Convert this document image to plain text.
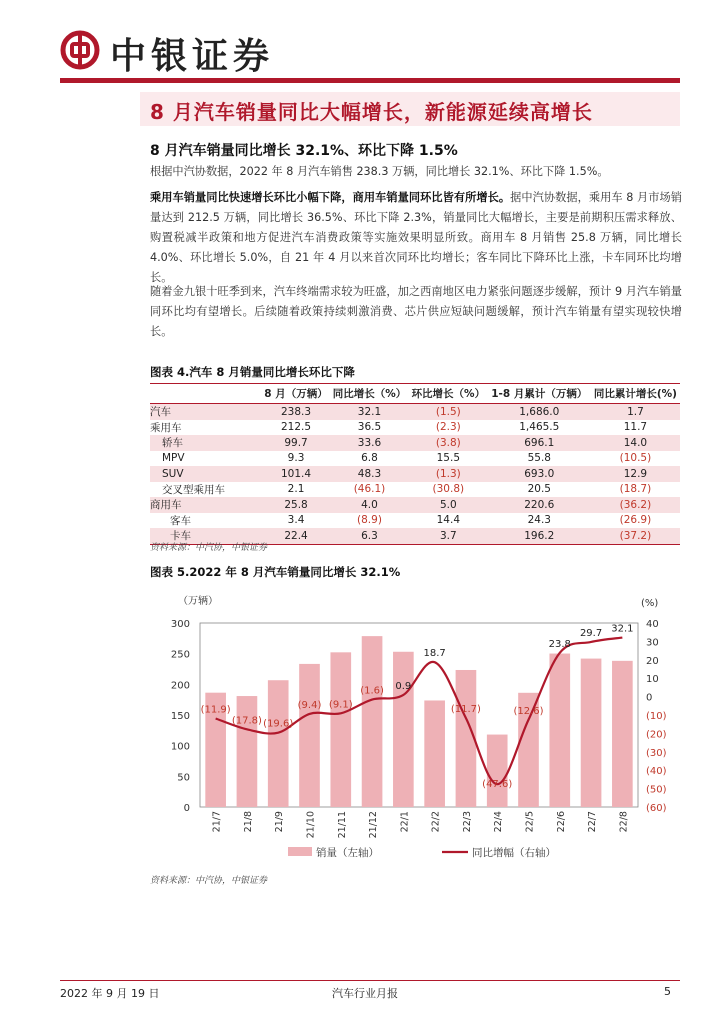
中银证券
8 月汽车销量同比大幅增长，新能源延续高增长
8 月汽车销量同比增长 32.1%、环比下降 1.5%
根据中汽协数据，2022 年 8 月汽车销售 238.3 万辆，同比增长 32.1%、环比下降 1.5%。
乘用车销量同比快速增长环比小幅下降，商用车销量同环比皆有所增长。据中汽协数据，乘用车 8 月市场销量达到 212.5 万辆，同比增长 36.5%、环比下降 2.3%，销量同比大幅增长，主要是前期积压需求释放、购置税减半政策和地方促进汽车消费政策等实施效果明显所致。商用车 8 月销售 25.8 万辆，同比增长 4.0%、环比增长 5.0%，自 21 年 4 月以来首次同环比均增长；客车同比下降环比上涨，卡车同环比均增长。
随着金九银十旺季到来，汽车终端需求较为旺盛，加之西南地区电力紧张问题逐步缓解，预计 9 月汽车销量同环比均有望增长。后续随着政策持续刺激消费、芯片供应短缺问题缓解，预计汽车销量有望实现较快增长。
图表 4.汽车 8 月销量同比增长环比下降
	8 月（万辆）	同比增长（%）	环比增长（%）	1-8 月累计（万辆）	同比累计增长(%)
汽车	238.3	32.1	(1.5)	1,686.0	1.7
乘用车	212.5	36.5	(2.3)	1,465.5	11.7
轿车	99.7	33.6	(3.8)	696.1	14.0
MPV	9.3	6.8	15.5	55.8	(10.5)
SUV	101.4	48.3	(1.3)	693.0	12.9
交叉型乘用车	2.1	(46.1)	(30.8)	20.5	(18.7)
商用车	25.8	4.0	5.0	220.6	(36.2)
客车	3.4	(8.9)	14.4	24.3	(26.9)
卡车	22.4	6.3	3.7	196.2	(37.2)
资料来源：中汽协，中银证券
图表 5.2022 年 8 月汽车销量同比增长 32.1%
（万辆）	(%)
300
250
200
150
100
50
0
40
30
20
10
0
(10)
(20)
(30)
(40)
(50)
(60)
21/7 21/8 21/9 21/10 21/11 21/12 22/1 22/2 22/3 22/4 22/5 22/6 22/7 22/8
(11.9)
(17.8) (19.6)
(9.4) (9.1)
(1.6) 0.9
18.7
(11.7)
(47.6)
(12.6)
23.8
29.7 32.1
销量（左轴）	同比增幅（右轴）
资料来源：中汽协，中银证券
2022 年 9 月 19 日	汽车行业月报	5
